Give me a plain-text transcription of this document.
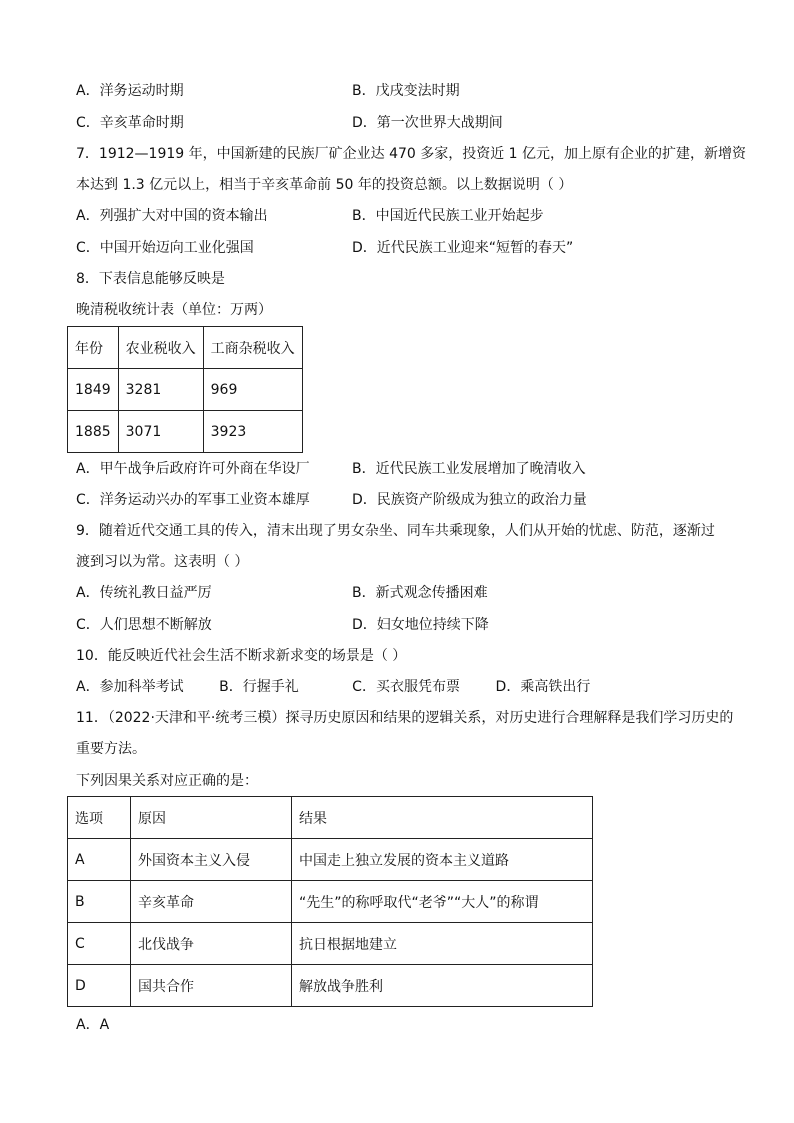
A．洋务运动时期	B．戊戌变法时期
C．辛亥革命时期	D．第一次世界大战期间
7．1912—1919 年，中国新建的民族厂矿企业达 470 多家，投资近 1 亿元，加上原有企业的扩建，新增资
本达到 1.3 亿元以上，相当于辛亥革命前 50 年的投资总额。以上数据说明（ ）
A．列强扩大对中国的资本输出	B．中国近代民族工业开始起步
C．中国开始迈向工业化强国	D．近代民族工业迎来“短暂的春天”
8．下表信息能够反映是
晚清税收统计表（单位：万两）
年份	农业税收入	工商杂税收入
1849	3281	969
1885	3071	3923
A．甲午战争后政府许可外商在华设厂	B．近代民族工业发展增加了晚清收入
C．洋务运动兴办的军事工业资本雄厚	D．民族资产阶级成为独立的政治力量
9．随着近代交通工具的传入，清末出现了男女杂坐、同车共乘现象，人们从开始的忧虑、防范，逐渐过
渡到习以为常。这表明（ ）
A．传统礼教日益严厉	B．新式观念传播困难
C．人们思想不断解放	D．妇女地位持续下降
10．能反映近代社会生活不断求新求变的场景是（ ）
A．参加科举考试        B．行握手礼            C．买衣服凭布票        D．乘高铁出行
11．（2022·天津和平·统考三模）探寻历史原因和结果的逻辑关系，对历史进行合理解释是我们学习历史的
重要方法。
下列因果关系对应正确的是：
选项	原因	结果
A	外国资本主义入侵	中国走上独立发展的资本主义道路
B	辛亥革命	“先生”的称呼取代“老爷”“大人”的称谓
C	北伐战争	抗日根据地建立
D	国共合作	解放战争胜利
A．A
